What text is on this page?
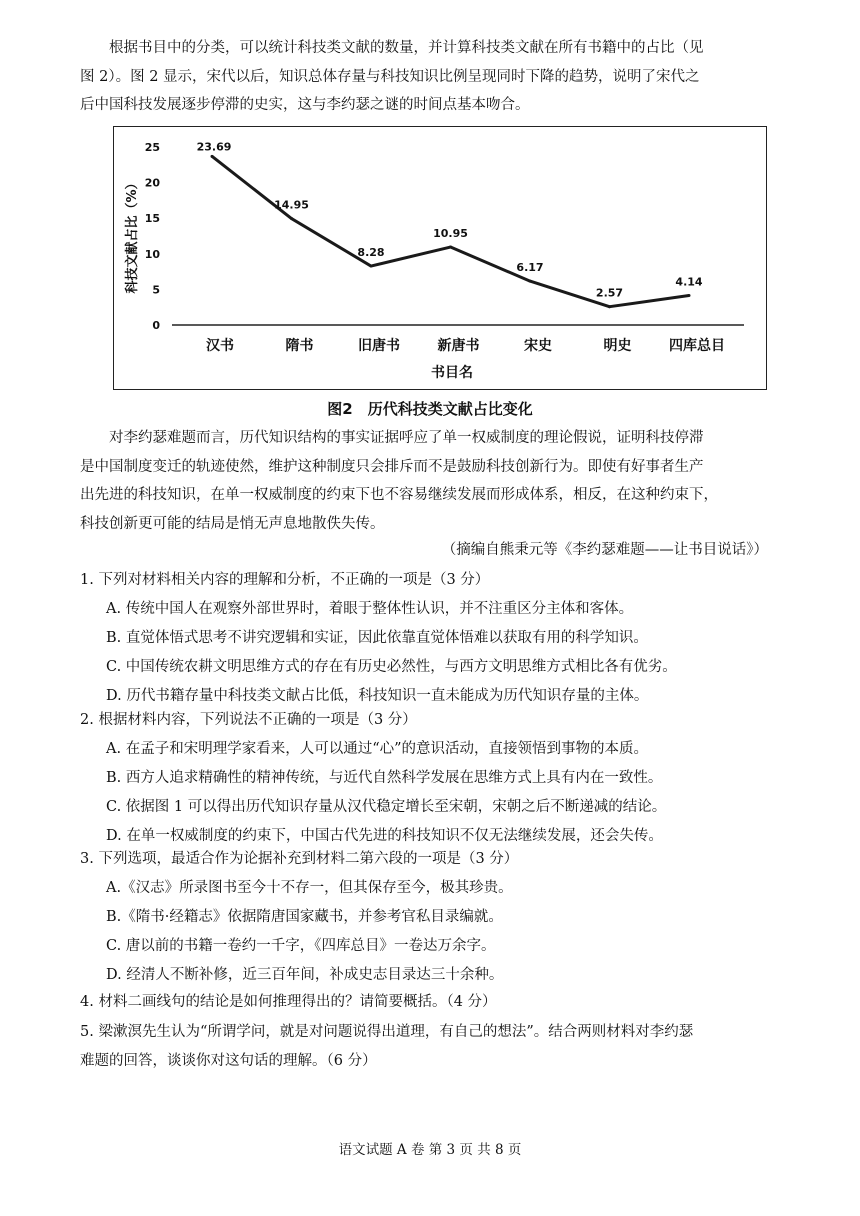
根据书目中的分类，可以统计科技类文献的数量，并计算科技类文献在所有书籍中的占比（见
图 2）。图 2 显示，宋代以后，知识总体存量与科技知识比例呈现同时下降的趋势，说明了宋代之
后中国科技发展逐步停滞的史实，这与李约瑟之谜的时间点基本吻合。
0
5
10
15
20
25
科技文献占比（%）
23.69
14.95
8.28
10.95
6.17
2.57
4.14
汉书	隋书	旧唐书	新唐书	宋史	明史	四库总目
书目名
图2　历代科技类文献占比变化
对李约瑟难题而言，历代知识结构的事实证据呼应了单一权威制度的理论假说，证明科技停滞
是中国制度变迁的轨迹使然，维护这种制度只会排斥而不是鼓励科技创新行为。即使有好事者生产
出先进的科技知识，在单一权威制度的约束下也不容易继续发展而形成体系，相反，在这种约束下，
科技创新更可能的结局是悄无声息地散佚失传。
（摘编自熊秉元等《李约瑟难题——让书目说话》）
1. 下列对材料相关内容的理解和分析，不正确的一项是（3 分）
A. 传统中国人在观察外部世界时，着眼于整体性认识，并不注重区分主体和客体。
B. 直觉体悟式思考不讲究逻辑和实证，因此依靠直觉体悟难以获取有用的科学知识。
C. 中国传统农耕文明思维方式的存在有历史必然性，与西方文明思维方式相比各有优劣。
D. 历代书籍存量中科技类文献占比低，科技知识一直未能成为历代知识存量的主体。
2. 根据材料内容，下列说法不正确的一项是（3 分）
A. 在孟子和宋明理学家看来，人可以通过“心”的意识活动，直接领悟到事物的本质。
B. 西方人追求精确性的精神传统，与近代自然科学发展在思维方式上具有内在一致性。
C. 依据图 1 可以得出历代知识存量从汉代稳定增长至宋朝，宋朝之后不断递减的结论。
D. 在单一权威制度的约束下，中国古代先进的科技知识不仅无法继续发展，还会失传。
3. 下列选项，最适合作为论据补充到材料二第六段的一项是（3 分）
A.《汉志》所录图书至今十不存一，但其保存至今，极其珍贵。
B.《隋书·经籍志》依据隋唐国家藏书，并参考官私目录编就。
C. 唐以前的书籍一卷约一千字，《四库总目》一卷达万余字。
D. 经清人不断补修，近三百年间，补成史志目录达三十余种。
4. 材料二画线句的结论是如何推理得出的？请简要概括。（4 分）
5. 梁漱溟先生认为“所谓学问，就是对问题说得出道理，有自己的想法”。结合两则材料对李约瑟
难题的回答，谈谈你对这句话的理解。（6 分）
语文试题 A 卷 第 3 页 共 8 页
